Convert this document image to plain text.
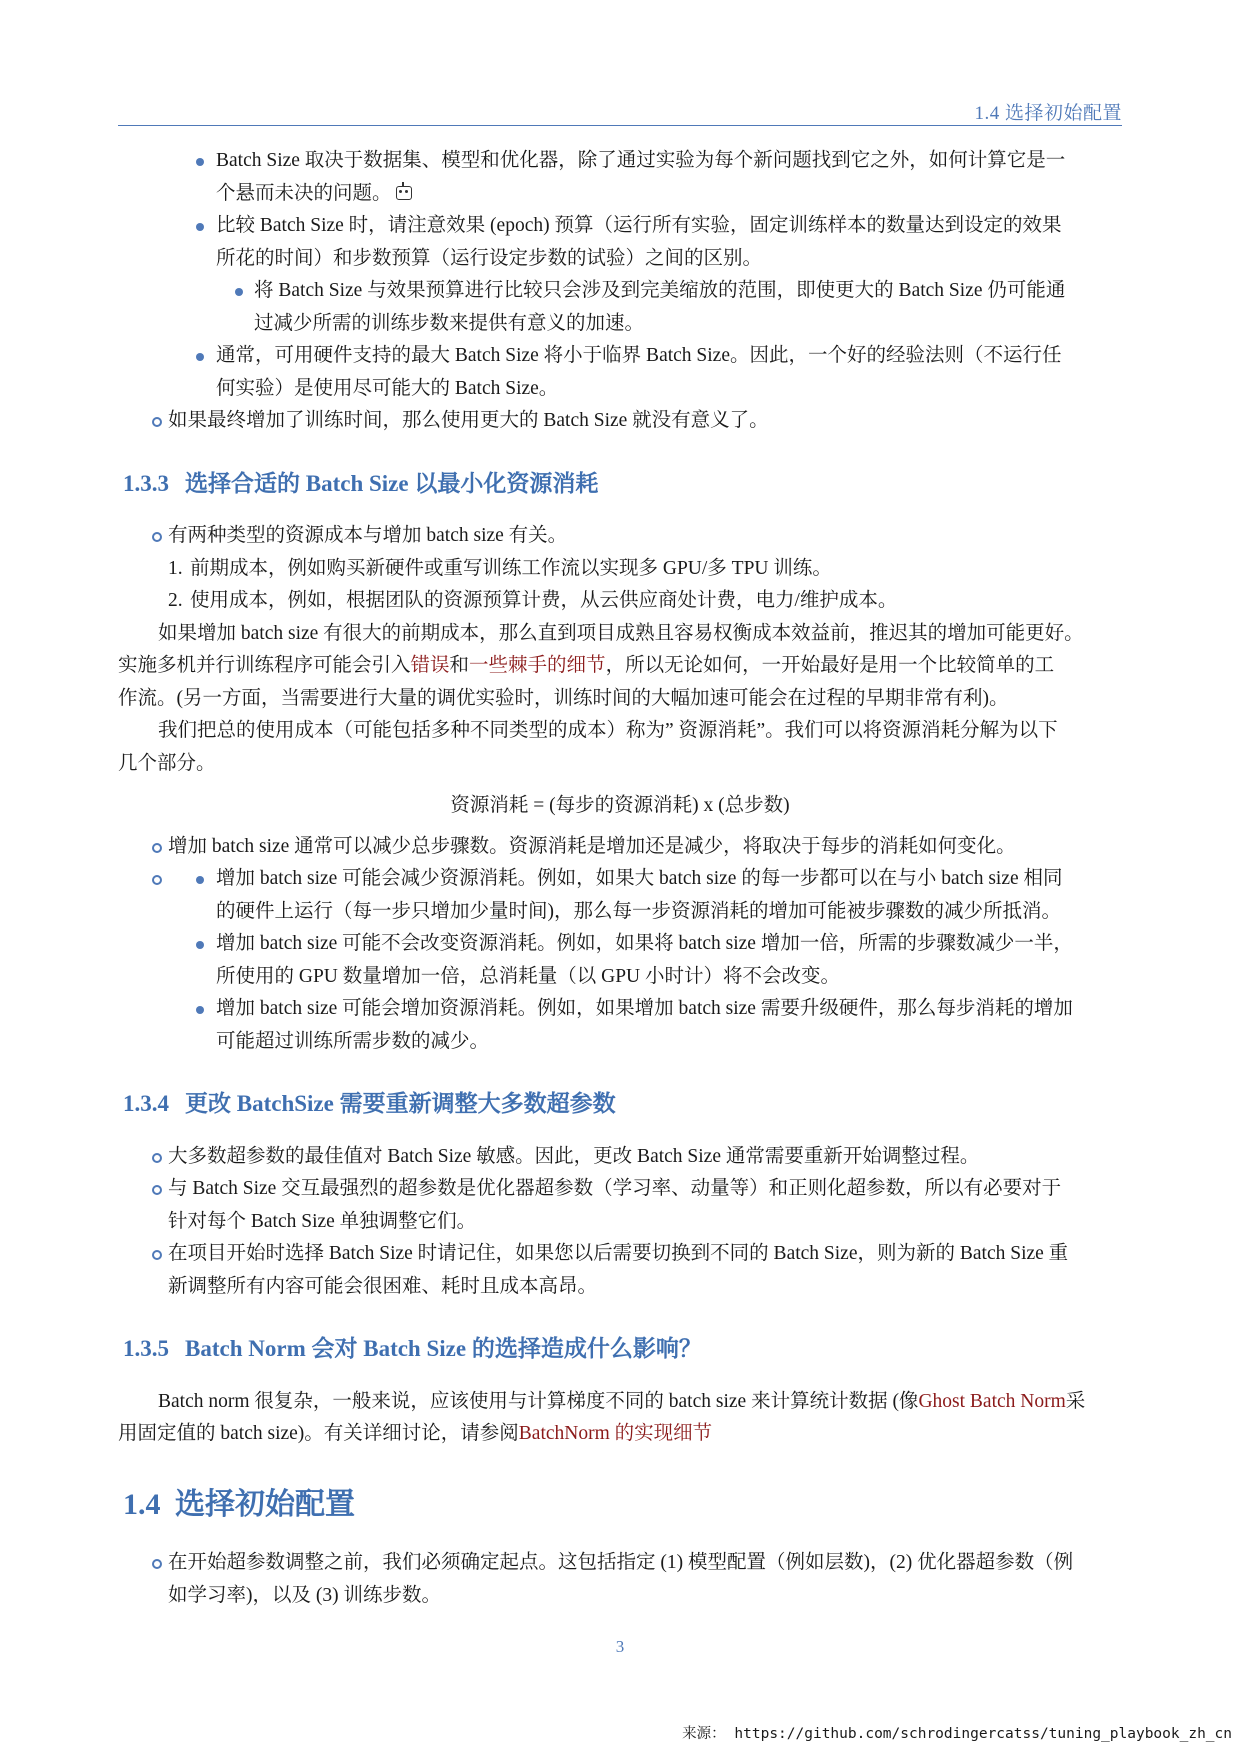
1.4 选择初始配置
Batch Size 取决于数据集、模型和优化器，除了通过实验为每个新问题找到它之外，如何计算它是一
个悬而未决的问题。
比较 Batch Size 时，请注意效果 (epoch) 预算（运行所有实验，固定训练样本的数量达到设定的效果
所花的时间）和步数预算（运行设定步数的试验）之间的区别。
将 Batch Size 与效果预算进行比较只会涉及到完美缩放的范围，即使更大的 Batch Size 仍可能通
过减少所需的训练步数来提供有意义的加速。
通常，可用硬件支持的最大 Batch Size 将小于临界 Batch Size。因此，一个好的经验法则（不运行任
何实验）是使用尽可能大的 Batch Size。
如果最终增加了训练时间，那么使用更大的 Batch Size 就没有意义了。
1.3.3 选择合适的 Batch Size 以最小化资源消耗
有两种类型的资源成本与增加 batch size 有关。
1. 前期成本，例如购买新硬件或重写训练工作流以实现多 GPU/多 TPU 训练。
2. 使用成本，例如，根据团队的资源预算计费，从云供应商处计费，电力/维护成本。
如果增加 batch size 有很大的前期成本，那么直到项目成熟且容易权衡成本效益前，推迟其的增加可能更好。
实施多机并行训练程序可能会引入错误和一些棘手的细节，所以无论如何，一开始最好是用一个比较简单的工
作流。(另一方面，当需要进行大量的调优实验时，训练时间的大幅加速可能会在过程的早期非常有利)。
我们把总的使用成本（可能包括多种不同类型的成本）称为” 资源消耗”。我们可以将资源消耗分解为以下
几个部分。
资源消耗 = (每步的资源消耗) x (总步数)
增加 batch size 通常可以减少总步骤数。资源消耗是增加还是减少，将取决于每步的消耗如何变化。
增加 batch size 可能会减少资源消耗。例如，如果大 batch size 的每一步都可以在与小 batch size 相同
的硬件上运行（每一步只增加少量时间)，那么每一步资源消耗的增加可能被步骤数的减少所抵消。
增加 batch size 可能不会改变资源消耗。例如，如果将 batch size 增加一倍，所需的步骤数减少一半，
所使用的 GPU 数量增加一倍，总消耗量（以 GPU 小时计）将不会改变。
增加 batch size 可能会增加资源消耗。例如，如果增加 batch size 需要升级硬件，那么每步消耗的增加
可能超过训练所需步数的减少。
1.3.4 更改 BatchSize 需要重新调整大多数超参数
大多数超参数的最佳值对 Batch Size 敏感。因此，更改 Batch Size 通常需要重新开始调整过程。
与 Batch Size 交互最强烈的超参数是优化器超参数（学习率、动量等）和正则化超参数，所以有必要对于
针对每个 Batch Size 单独调整它们。
在项目开始时选择 Batch Size 时请记住，如果您以后需要切换到不同的 Batch Size，则为新的 Batch Size 重
新调整所有内容可能会很困难、耗时且成本高昂。
1.3.5 Batch Norm 会对 Batch Size 的选择造成什么影响？
Batch norm 很复杂，一般来说，应该使用与计算梯度不同的 batch size 来计算统计数据 (像Ghost Batch Norm采
用固定值的 batch size)。有关详细讨论，请参阅BatchNorm 的实现细节
1.4 选择初始配置
在开始超参数调整之前，我们必须确定起点。这包括指定 (1) 模型配置（例如层数)，(2) 优化器超参数（例
如学习率)，以及 (3) 训练步数。
3
来源： https://github.com/schrodingercatss/tuning_playbook_zh_cn
